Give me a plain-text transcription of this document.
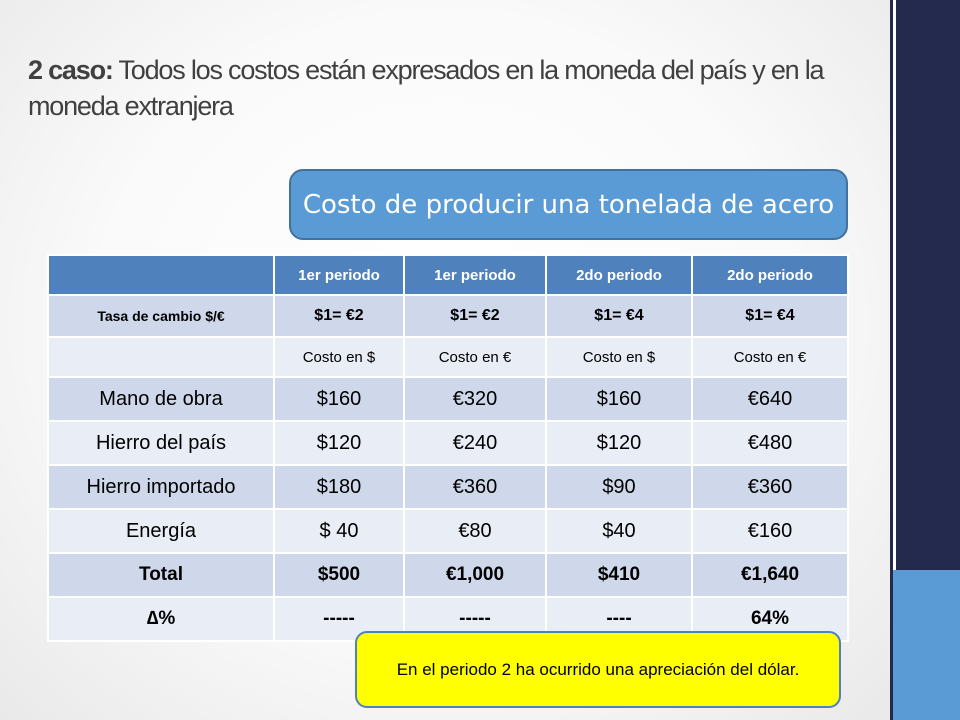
2 caso: Todos los costos están expresados en la moneda del país y en la moneda extranjera
Costo de producir una tonelada de acero
	1er periodo	1er periodo	2do periodo	2do periodo
Tasa de cambio $/€	$1= €2	$1= €2	$1= €4	$1= €4
	Costo en $	Costo en €	Costo en $	Costo en €
Mano de obra	$160	€320	$160	€640
Hierro del país	$120	€240	$120	€480
Hierro importado	$180	€360	$90	€360
Energía	$ 40	€80	$40	€160
Total	$500	€1,000	$410	€1,640
∆%	-----	-----	----	64%
En el periodo 2 ha ocurrido una apreciación del dólar.
